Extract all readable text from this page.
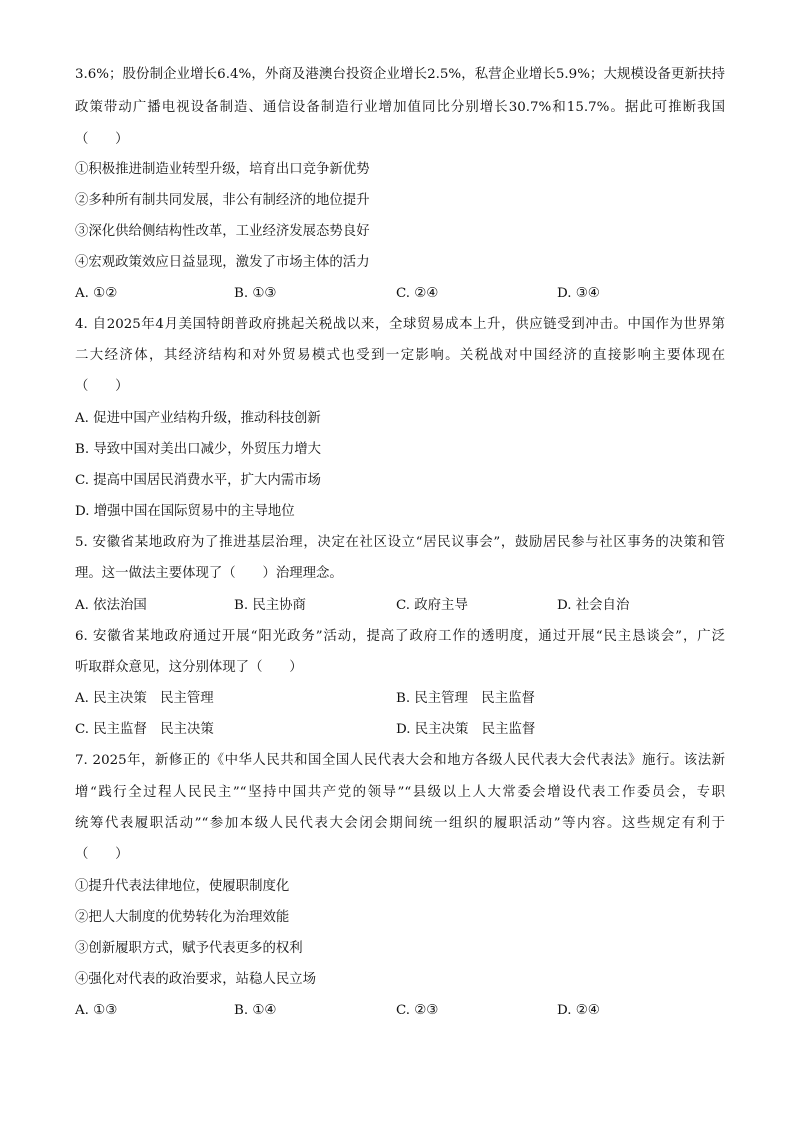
3.6%；股份制企业增长6.4%，外商及港澳台投资企业增长2.5%，私营企业增长5.9%；大规模设备更新扶持
政策带动广播电视设备制造、通信设备制造行业增加值同比分别增长30.7%和15.7%。据此可推断我国
（　　）
①积极推进制造业转型升级，培育出口竞争新优势
②多种所有制共同发展，非公有制经济的地位提升
③深化供给侧结构性改革，工业经济发展态势良好
④宏观政策效应日益显现，激发了市场主体的活力
A. ①②	B. ①③	C. ②④	D. ③④
4. 自2025年4月美国特朗普政府挑起关税战以来，全球贸易成本上升，供应链受到冲击。中国作为世界第
二大经济体，其经济结构和对外贸易模式也受到一定影响。关税战对中国经济的直接影响主要体现在
（　　）
A. 促进中国产业结构升级，推动科技创新
B. 导致中国对美出口减少，外贸压力增大
C. 提高中国居民消费水平，扩大内需市场
D. 增强中国在国际贸易中的主导地位
5. 安徽省某地政府为了推进基层治理，决定在社区设立“居民议事会”，鼓励居民参与社区事务的决策和管
理。这一做法主要体现了（　　）治理理念。
A. 依法治国	B. 民主协商	C. 政府主导	D. 社会自治
6. 安徽省某地政府通过开展“阳光政务”活动，提高了政府工作的透明度，通过开展“民主恳谈会”，广泛
听取群众意见，这分别体现了（　　）
A. 民主决策　民主管理	B. 民主管理　民主监督
C. 民主监督　民主决策	D. 民主决策　民主监督
7. 2025年，新修正的《中华人民共和国全国人民代表大会和地方各级人民代表大会代表法》施行。该法新
增“践行全过程人民民主”“坚持中国共产党的领导”“县级以上人大常委会增设代表工作委员会，专职
统筹代表履职活动”“参加本级人民代表大会闭会期间统一组织的履职活动”等内容。这些规定有利于
（　　）
①提升代表法律地位，使履职制度化
②把人大制度的优势转化为治理效能
③创新履职方式，赋予代表更多的权利
④强化对代表的政治要求，站稳人民立场
A. ①③	B. ①④	C. ②③	D. ②④
